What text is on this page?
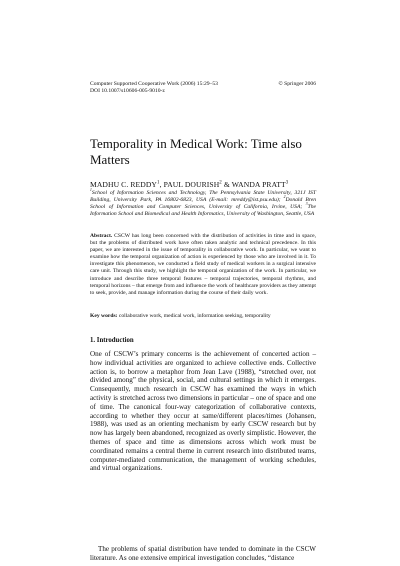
Computer Supported Cooperative Work (2006) 15:29–53
DOI 10.1007/s10606-005-9010-z
© Springer 2006
Temporality in Medical Work: Time also Matters
MADHU C. REDDY$^1$, PAUL DOURISH$^2$ & WANDA PRATT$^3$
$^1$School of Information Sciences and Technology, The Pennsylvania State University, 321J IST Building, University Park, PA 16802-6823, USA (E-mail: mreddy@ist.psu.edu); $^2$Donald Bren School of Information and Computer Sciences, University of California, Irvine, USA; $^3$The Information School and Biomedical and Health Informatics, University of Washington, Seattle, USA
Abstract. CSCW has long been concerned with the distribution of activities in time and in space, but the problems of distributed work have often taken analytic and technical precedence. In this paper, we are interested in the issue of temporality in collaborative work. In particular, we want to examine how the temporal organization of action is experienced by those who are involved in it. To investigate this phenomenon, we conducted a field study of medical workers in a surgical intensive care unit. Through this study, we highlight the temporal organization of the work. In particular, we introduce and describe three temporal features – temporal trajectories, temporal rhythms, and temporal horizons – that emerge from and influence the work of healthcare providers as they attempt to seek, provide, and manage information during the course of their daily work.
Key words: collaborative work, medical work, information seeking, temporality
1. Introduction
One of CSCW’s primary concerns is the achievement of concerted action – how individual activities are organized to achieve collective ends. Collective action is, to borrow a metaphor from Jean Lave (1988), “stretched over, not divided among” the physical, social, and cultural settings in which it emerges. Consequently, much research in CSCW has examined the ways in which activity is stretched across two dimensions in particular – one of space and one of time. The canonical four-way categorization of collaborative contexts, according to whether they occur at same/different places/times (Johansen, 1988), was used as an orienting mechanism by early CSCW research but by now has largely been abandoned, recognized as overly simplistic. However, the themes of space and time as dimensions across which work must be coordinated remains a central theme in current research into distributed teams, computer-mediated communication, the management of working schedules, and virtual organizations.
The problems of spatial distribution have tended to dominate in the CSCW literature. As one extensive empirical investigation concludes, “distance
